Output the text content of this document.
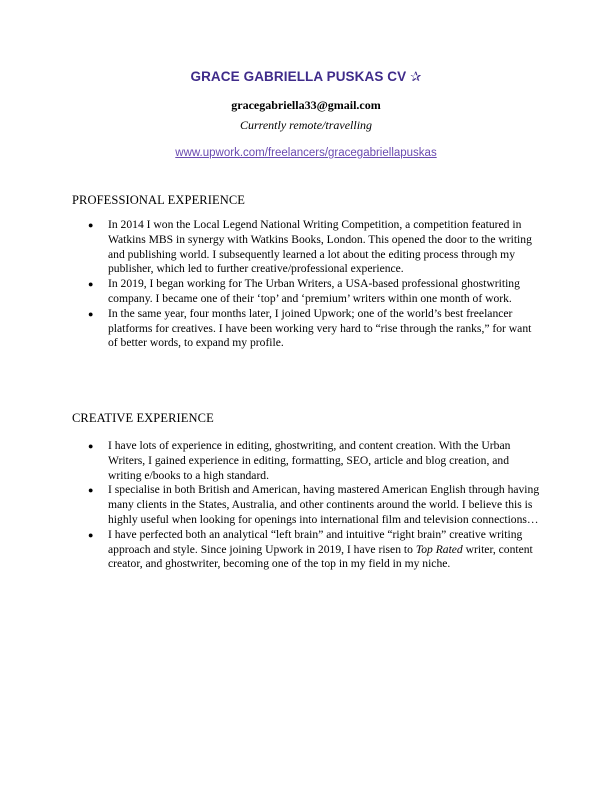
GRACE GABRIELLA PUSKAS CV ✰
gracegabriella33@gmail.com
Currently remote/travelling
www.upwork.com/freelancers/gracegabriellapuskas
PROFESSIONAL EXPERIENCE
● In 2014 I won the Local Legend National Writing Competition, a competition featured in Watkins MBS in synergy with Watkins Books, London. This opened the door to the writing and publishing world. I subsequently learned a lot about the editing process through my publisher, which led to further creative/professional experience.
● In 2019, I began working for The Urban Writers, a USA-based professional ghostwriting company. I became one of their ‘top’ and ‘premium’ writers within one month of work.
● In the same year, four months later, I joined Upwork; one of the world’s best freelancer platforms for creatives. I have been working very hard to “rise through the ranks,” for want of better words, to expand my profile.
CREATIVE EXPERIENCE
● I have lots of experience in editing, ghostwriting, and content creation. With the Urban Writers, I gained experience in editing, formatting, SEO, article and blog creation, and writing e/books to a high standard.
● I specialise in both British and American, having mastered American English through having many clients in the States, Australia, and other continents around the world. I believe this is highly useful when looking for openings into international film and television connections…
● I have perfected both an analytical “left brain” and intuitive “right brain” creative writing approach and style. Since joining Upwork in 2019, I have risen to Top Rated writer, content creator, and ghostwriter, becoming one of the top in my field in my niche.
